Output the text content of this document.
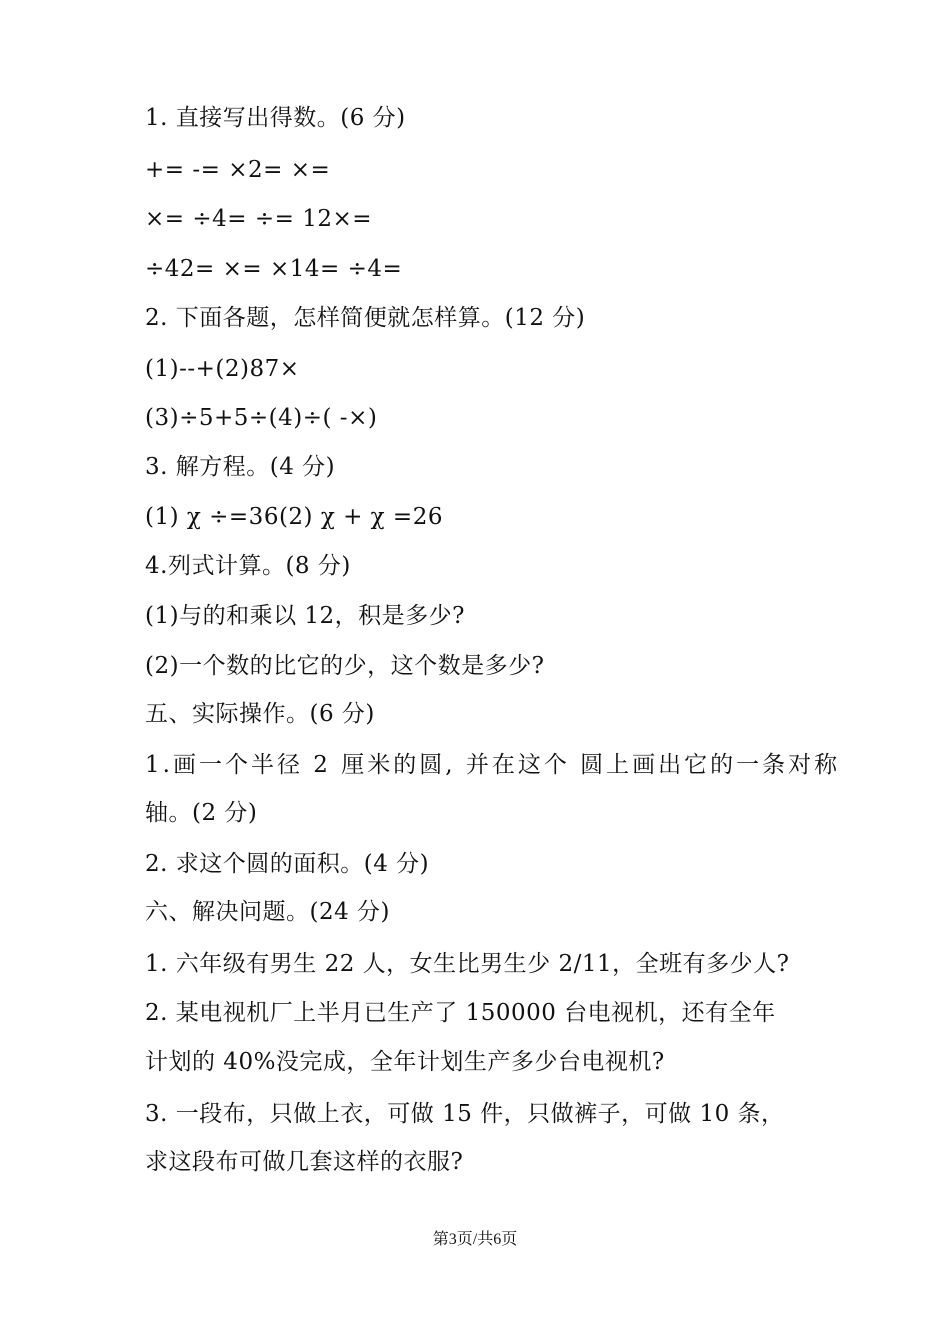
1. 直接写出得数。(6 分)
+= -= ×2= ×=
×= ÷4= ÷= 12×=
÷42= ×= ×14= ÷4=
2. 下面各题，怎样简便就怎样算。(12 分)
(1)--+(2)87×
(3)÷5+5÷(4)÷( -×)
3. 解方程。(4 分)
(1) χ ÷=36(2) χ + χ =26
4.列式计算。(8 分)
(1)与的和乘以 12，积是多少?
(2)一个数的比它的少，这个数是多少?
五、实际操作。(6 分)
1.画一个半径 2 厘米的圆, 并在这个 圆上画出它的一条对称
轴。(2 分)
2. 求这个圆的面积。(4 分)
六、解决问题。(24 分)
1. 六年级有男生 22 人，女生比男生少 2/11，全班有多少人?
2. 某电视机厂上半月已生产了 150000 台电视机，还有全年
计划的 40%没完成，全年计划生产多少台电视机?
3. 一段布，只做上衣，可做 15 件，只做裤子，可做 10 条，
求这段布可做几套这样的衣服?
第3页/共6页
